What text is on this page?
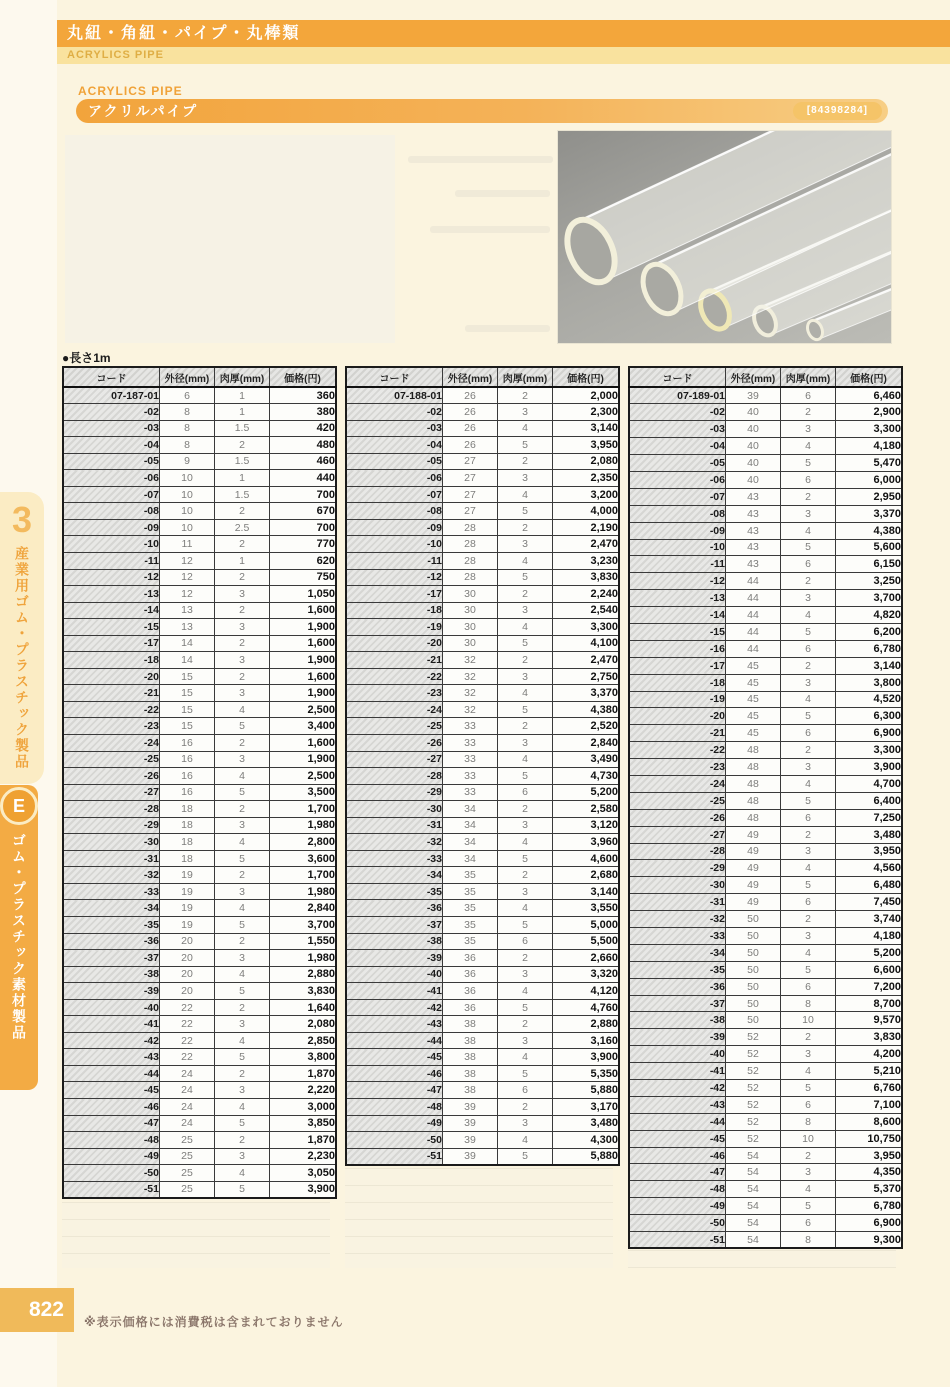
丸紐・角紐・パイプ・丸棒類
ACRYLICS PIPE
ACRYLICS PIPE
アクリルパイプ	[84398284]
●長さ1m
コード	外径(mm)	肉厚(mm)	価格(円)
07-187-01	6	1	360
-02	8	1	380
-03	8	1.5	420
-04	8	2	480
-05	9	1.5	460
-06	10	1	440
-07	10	1.5	700
-08	10	2	670
-09	10	2.5	700
-10	11	2	770
-11	12	1	620
-12	12	2	750
-13	12	3	1,050
-14	13	2	1,600
-15	13	3	1,900
-17	14	2	1,600
-18	14	3	1,900
-20	15	2	1,600
-21	15	3	1,900
-22	15	4	2,500
-23	15	5	3,400
-24	16	2	1,600
-25	16	3	1,900
-26	16	4	2,500
-27	16	5	3,500
-28	18	2	1,700
-29	18	3	1,980
-30	18	4	2,800
-31	18	5	3,600
-32	19	2	1,700
-33	19	3	1,980
-34	19	4	2,840
-35	19	5	3,700
-36	20	2	1,550
-37	20	3	1,980
-38	20	4	2,880
-39	20	5	3,830
-40	22	2	1,640
-41	22	3	2,080
-42	22	4	2,850
-43	22	5	3,800
-44	24	2	1,870
-45	24	3	2,220
-46	24	4	3,000
-47	24	5	3,850
-48	25	2	1,870
-49	25	3	2,230
-50	25	4	3,050
-51	25	5	3,900
コード	外径(mm)	肉厚(mm)	価格(円)
07-188-01	26	2	2,000
-02	26	3	2,300
-03	26	4	3,140
-04	26	5	3,950
-05	27	2	2,080
-06	27	3	2,350
-07	27	4	3,200
-08	27	5	4,000
-09	28	2	2,190
-10	28	3	2,470
-11	28	4	3,230
-12	28	5	3,830
-17	30	2	2,240
-18	30	3	2,540
-19	30	4	3,300
-20	30	5	4,100
-21	32	2	2,470
-22	32	3	2,750
-23	32	4	3,370
-24	32	5	4,380
-25	33	2	2,520
-26	33	3	2,840
-27	33	4	3,490
-28	33	5	4,730
-29	33	6	5,200
-30	34	2	2,580
-31	34	3	3,120
-32	34	4	3,960
-33	34	5	4,600
-34	35	2	2,680
-35	35	3	3,140
-36	35	4	3,550
-37	35	5	5,000
-38	35	6	5,500
-39	36	2	2,660
-40	36	3	3,320
-41	36	4	4,120
-42	36	5	4,760
-43	38	2	2,880
-44	38	3	3,160
-45	38	4	3,900
-46	38	5	5,350
-47	38	6	5,880
-48	39	2	3,170
-49	39	3	3,480
-50	39	4	4,300
-51	39	5	5,880
コード	外径(mm)	肉厚(mm)	価格(円)
07-189-01	39	6	6,460
-02	40	2	2,900
-03	40	3	3,300
-04	40	4	4,180
-05	40	5	5,470
-06	40	6	6,000
-07	43	2	2,950
-08	43	3	3,370
-09	43	4	4,380
-10	43	5	5,600
-11	43	6	6,150
-12	44	2	3,250
-13	44	3	3,700
-14	44	4	4,820
-15	44	5	6,200
-16	44	6	6,780
-17	45	2	3,140
-18	45	3	3,800
-19	45	4	4,520
-20	45	5	6,300
-21	45	6	6,900
-22	48	2	3,300
-23	48	3	3,900
-24	48	4	4,700
-25	48	5	6,400
-26	48	6	7,250
-27	49	2	3,480
-28	49	3	3,950
-29	49	4	4,560
-30	49	5	6,480
-31	49	6	7,450
-32	50	2	3,740
-33	50	3	4,180
-34	50	4	5,200
-35	50	5	6,600
-36	50	6	7,200
-37	50	8	8,700
-38	50	10	9,570
-39	52	2	3,830
-40	52	3	4,200
-41	52	4	5,210
-42	52	5	6,760
-43	52	6	7,100
-44	52	8	8,600
-45	52	10	10,750
-46	54	2	3,950
-47	54	3	4,350
-48	54	4	5,370
-49	54	5	6,780
-50	54	6	6,900
-51	54	8	9,300
3
産業用ゴム・プラスチック製品
E
ゴム・プラスチック素材製品
822
※表示価格には消費税は含まれておりません
